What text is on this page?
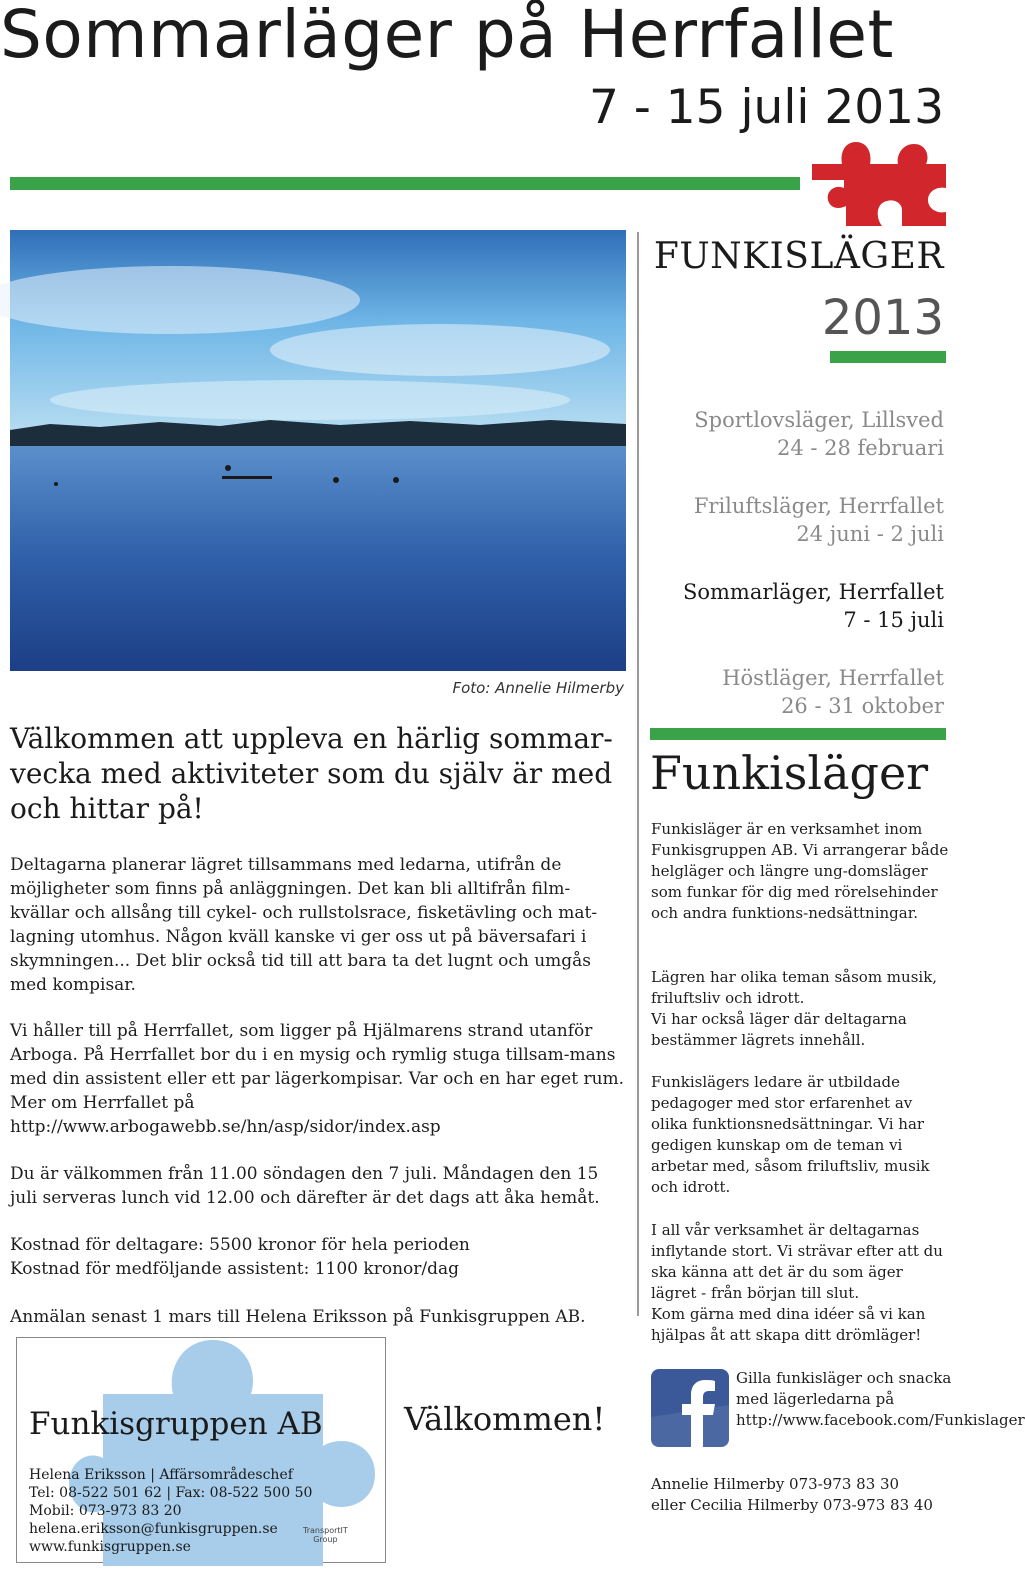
Sommarläger på Herrfallet
7 - 15 juli 2013
Foto: Annelie Hilmerby
Välkommen att uppleva en härlig sommar-vecka med aktiviteter som du själv är med och hittar på!
Deltagarna planerar lägret tillsammans med ledarna, utifrån de möjligheter som finns på anläggningen. Det kan bli alltifrån film-kvällar och allsång till cykel- och rullstolsrace, fisketävling och mat-lagning utomhus. Någon kväll kanske vi ger oss ut på bäversafari i skymningen... Det blir också tid till att bara ta det lugnt och umgås med kompisar.
Vi håller till på Herrfallet, som ligger på Hjälmarens strand utanför Arboga. På Herrfallet bor du i en mysig och rymlig stuga tillsam-mans med din assistent eller ett par lägerkompisar. Var och en har eget rum. Mer om Herrfallet på http://www.arbogawebb.se/hn/asp/sidor/index.asp
Du är välkommen från 11.00 söndagen den 7 juli. Måndagen den 15 juli serveras lunch vid 12.00 och därefter är det dags att åka hemåt.
Kostnad för deltagare: 5500 kronor för hela perioden
Kostnad för medföljande assistent: 1100 kronor/dag
Anmälan senast 1 mars till Helena Eriksson på Funkisgruppen AB.
Funkisgruppen AB
Helena Eriksson | Affärsområdeschef
Tel: 08-522 501 62 | Fax: 08-522 500 50
Mobil: 073-973 83 20
helena.eriksson@funkisgruppen.se
www.funkisgruppen.se
TransportIT
Group
Välkommen!
FUNKISLÄGER
2013
Sportlovsläger, Lillsved
24 - 28 februari
Friluftsläger, Herrfallet
24 juni - 2 juli
Sommarläger, Herrfallet
7 - 15 juli
Höstläger, Herrfallet
26 - 31 oktober
Funkisläger
Funkisläger är en verksamhet inom Funkisgruppen AB. Vi arrangerar både helgläger och längre ung-domsläger som funkar för dig med rörelsehinder och andra funktions-nedsättningar.
Lägren har olika teman såsom musik, friluftsliv och idrott.
Vi har också läger där deltagarna bestämmer lägrets innehåll.
Funkislägers ledare är utbildade pedagoger med stor erfarenhet av olika funktionsnedsättningar. Vi har gedigen kunskap om de teman vi arbetar med, såsom friluftsliv, musik och idrott.
I all vår verksamhet är deltagarnas inflytande stort. Vi strävar efter att du ska känna att det är du som äger lägret - från början till slut.
Kom gärna med dina idéer så vi kan hjälpas åt att skapa ditt drömläger!
Gilla funkisläger och snacka med lägerledarna på http://www.facebook.com/Funkislager
Annelie Hilmerby 073-973 83 30
eller Cecilia Hilmerby 073-973 83 40
